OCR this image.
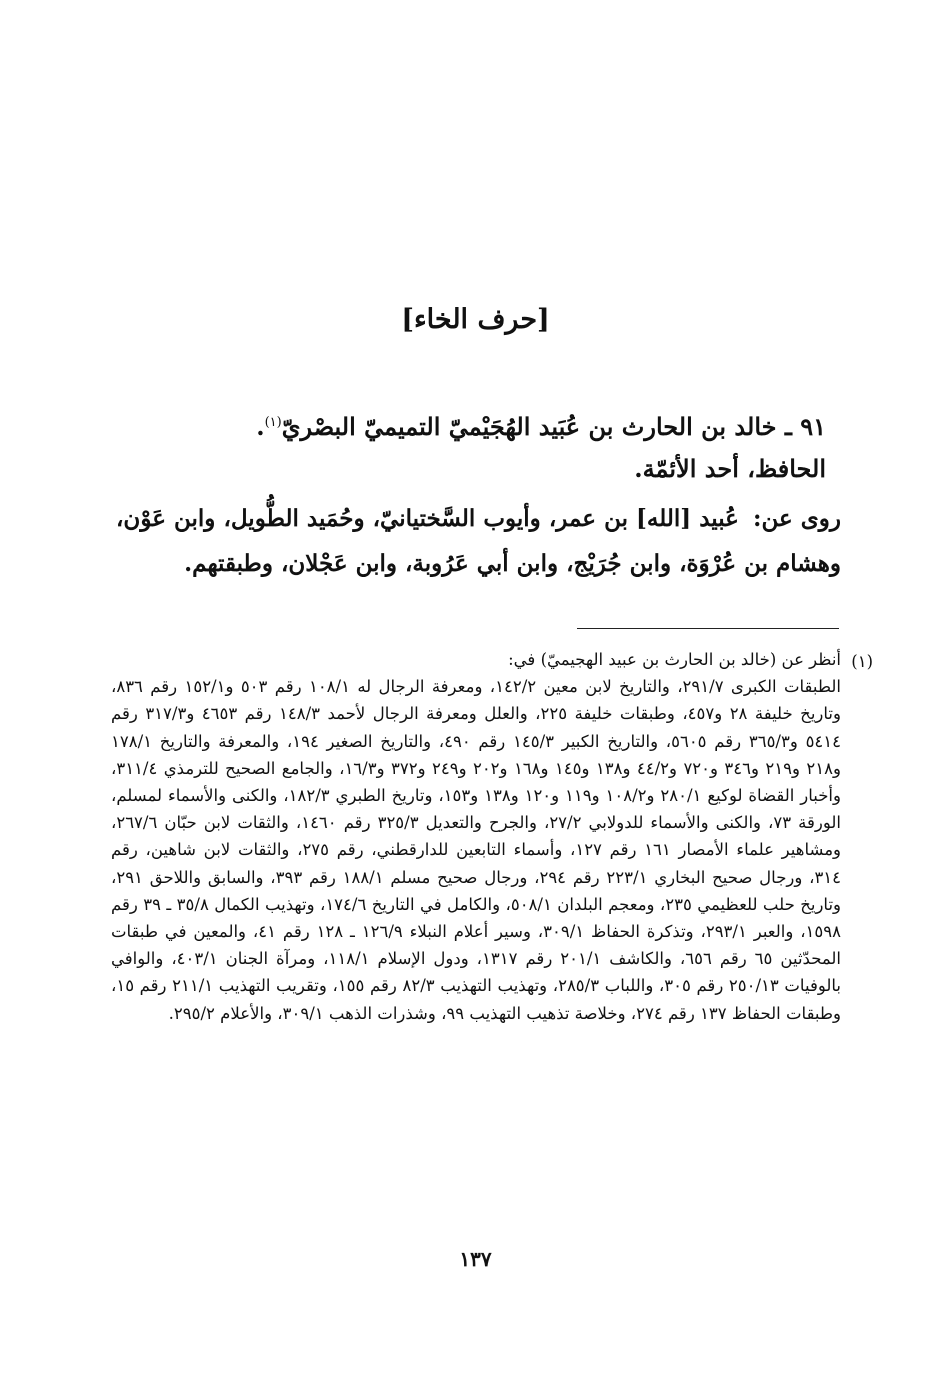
[حرف الخاء]
٩١ ـ خالد بن الحارث بن عُبَيد الهُجَيْميّ التميميّ البصْريّ$^{(١)}$.
الحافظ، أحد الأئمّة.
روى عن: عُبيد [الله] بن عمر، وأيوب السَّختيانيّ، وحُمَيد الطُّويل، وابن عَوْن، وهشام بن عُرْوَة، وابن جُرَيْج، وابن أبي عَرُوبة، وابن عَجْلان، وطبقتهم.
(١)
أنظر عن (خالد بن الحارث بن عبيد الهجيميّ) في:
الطبقات الكبرى ٢٩١/٧، والتاريخ لابن معين ١٤٢/٢، ومعرفة الرجال له ١٠٨/١ رقم ٥٠٣ و١٥٢/١ رقم ٨٣٦، وتاريخ خليفة ٢٨ و٤٥٧، وطبقات خليفة ٢٢٥، والعلل ومعرفة الرجال لأحمد ١٤٨/٣ رقم ٤٦٥٣ و٣١٧/٣ رقم ٥٤١٤ و٣٦٥/٣ رقم ٥٦٠٥، والتاريخ الكبير ١٤٥/٣ رقم ٤٩٠، والتاريخ الصغير ١٩٤، والمعرفة والتاريخ ١٧٨/١ و٢١٨ و٢١٩ و٣٤٦ و٧٢٠ و٤٤/٢ و١٣٨ و١٤٥ و١٦٨ و٢٠٢ و٢٤٩ و٣٧٢ و١٦/٣، والجامع الصحيح للترمذي ٣١١/٤، وأخبار القضاة لوكيع ٢٨٠/١ و١٠٨/٢ و١١٩ و١٢٠ و١٣٨ و١٥٣، وتاريخ الطبري ١٨٢/٣، والكنى والأسماء لمسلم، الورقة ٧٣، والكنى والأسماء للدولابي ٢٧/٢، والجرح والتعديل ٣٢٥/٣ رقم ١٤٦٠، والثقات لابن حبّان ٢٦٧/٦، ومشاهير علماء الأمصار ١٦١ رقم ١٢٧، وأسماء التابعين للدارقطني، رقم ٢٧٥، والثقات لابن شاهين، رقم ٣١٤، ورجال صحيح البخاري ٢٢٣/١ رقم ٢٩٤، ورجال صحيح مسلم ١٨٨/١ رقم ٣٩٣، والسابق واللاحق ٢٩١، وتاريخ حلب للعظيمي ٢٣٥، ومعجم البلدان ٥٠٨/١، والكامل في التاريخ ١٧٤/٦، وتهذيب الكمال ٣٥/٨ ـ ٣٩ رقم ١٥٩٨، والعبر ٢٩٣/١، وتذكرة الحفاظ ٣٠٩/١، وسير أعلام النبلاء ١٢٦/٩ ـ ١٢٨ رقم ٤١، والمعين في طبقات المحدّثين ٦٥ رقم ٦٥٦، والكاشف ٢٠١/١ رقم ١٣١٧، ودول الإسلام ١١٨/١، ومرآة الجنان ٤٠٣/١، والوافي بالوفيات ٢٥٠/١٣ رقم ٣٠٥، واللباب ٢٨٥/٣، وتهذيب التهذيب ٨٢/٣ رقم ١٥٥، وتقريب التهذيب ٢١١/١ رقم ١٥، وطبقات الحفاظ ١٣٧ رقم ٢٧٤، وخلاصة تذهيب التهذيب ٩٩، وشذرات الذهب ٣٠٩/١، والأعلام ٢٩٥/٢.
١٣٧
